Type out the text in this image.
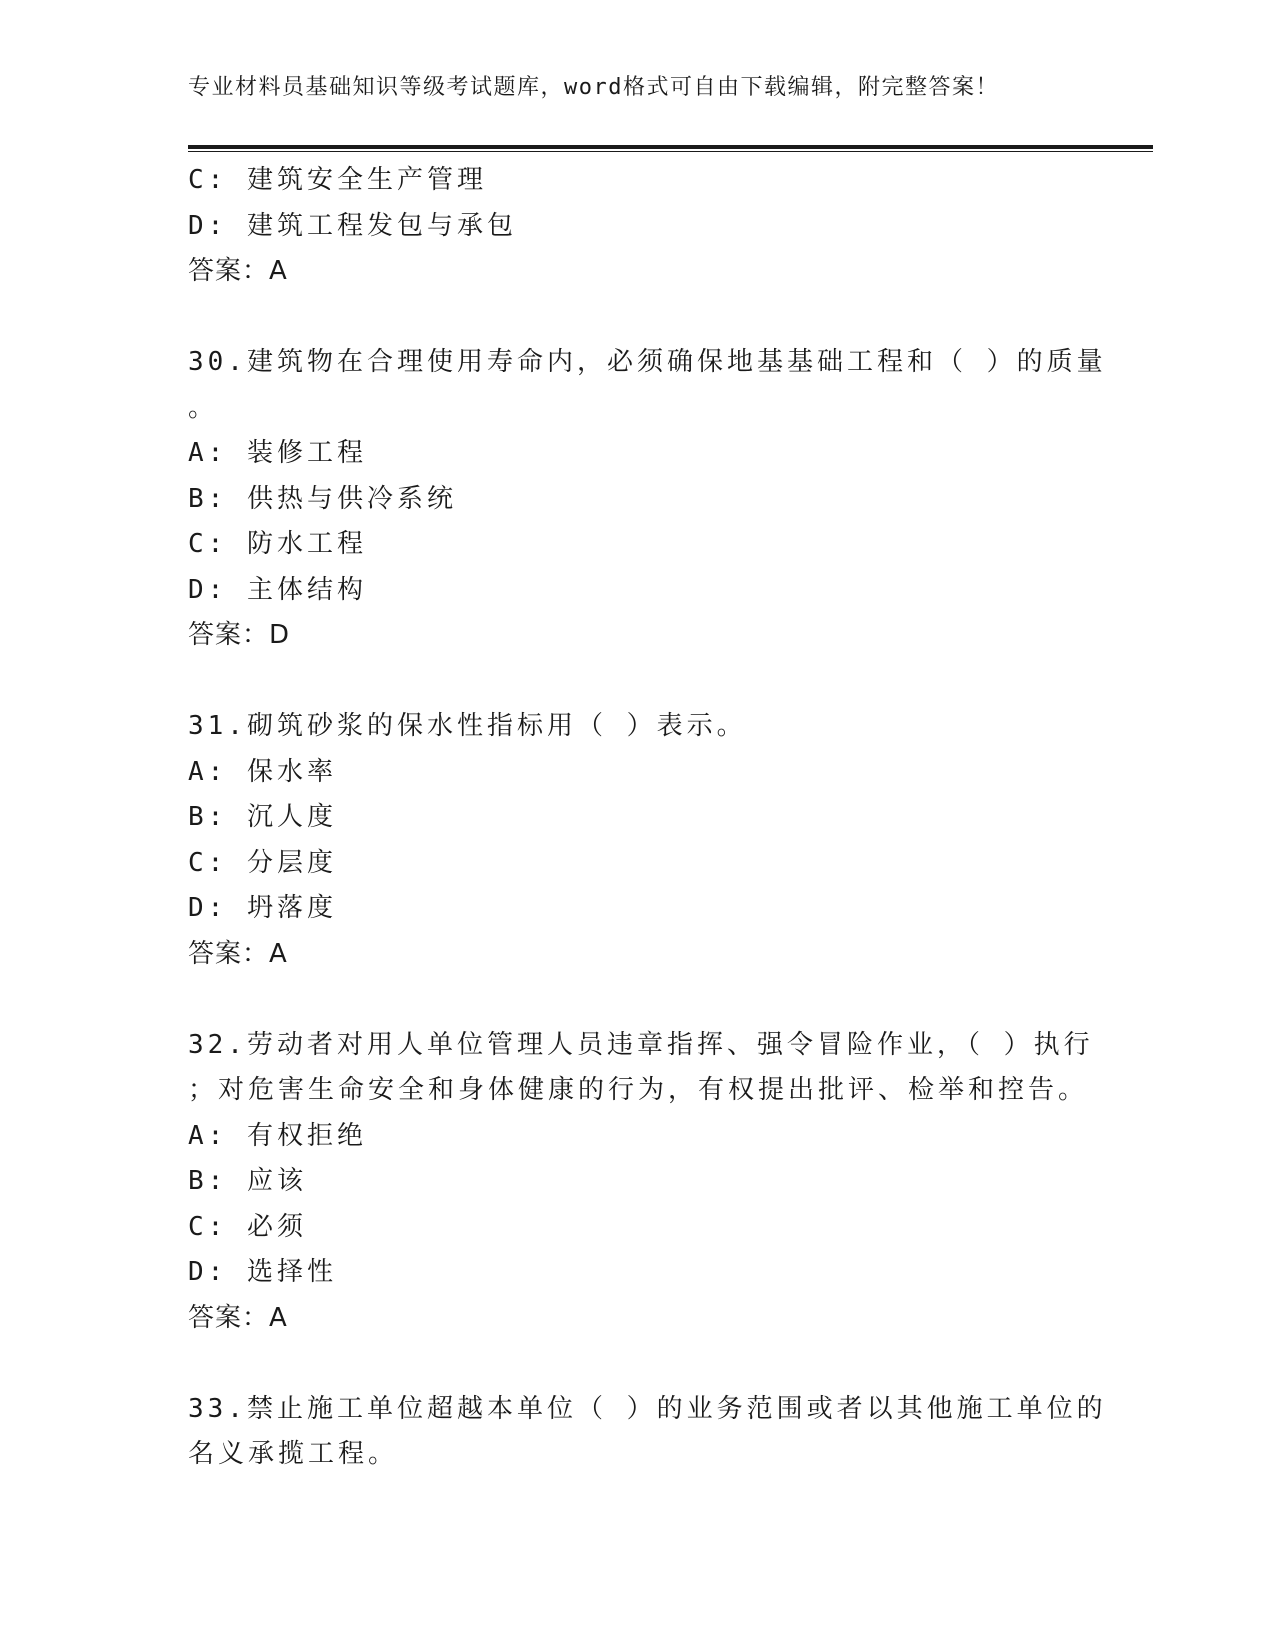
专业材料员基础知识等级考试题库，word格式可自由下载编辑，附完整答案！
C: 建筑安全生产管理
D: 建筑工程发包与承包
答案：A
30.建筑物在合理使用寿命内，必须确保地基基础工程和（ ）的质量
。
A: 装修工程
B: 供热与供冷系统
C: 防水工程
D: 主体结构
答案：D
31.砌筑砂浆的保水性指标用（ ）表示。
A: 保水率
B: 沉人度
C: 分层度
D: 坍落度
答案：A
32.劳动者对用人单位管理人员违章指挥、强令冒险作业，（ ）执行
；对危害生命安全和身体健康的行为，有权提出批评、检举和控告。
A: 有权拒绝
B: 应该
C: 必须
D: 选择性
答案：A
33.禁止施工单位超越本单位（ ）的业务范围或者以其他施工单位的
名义承揽工程。
